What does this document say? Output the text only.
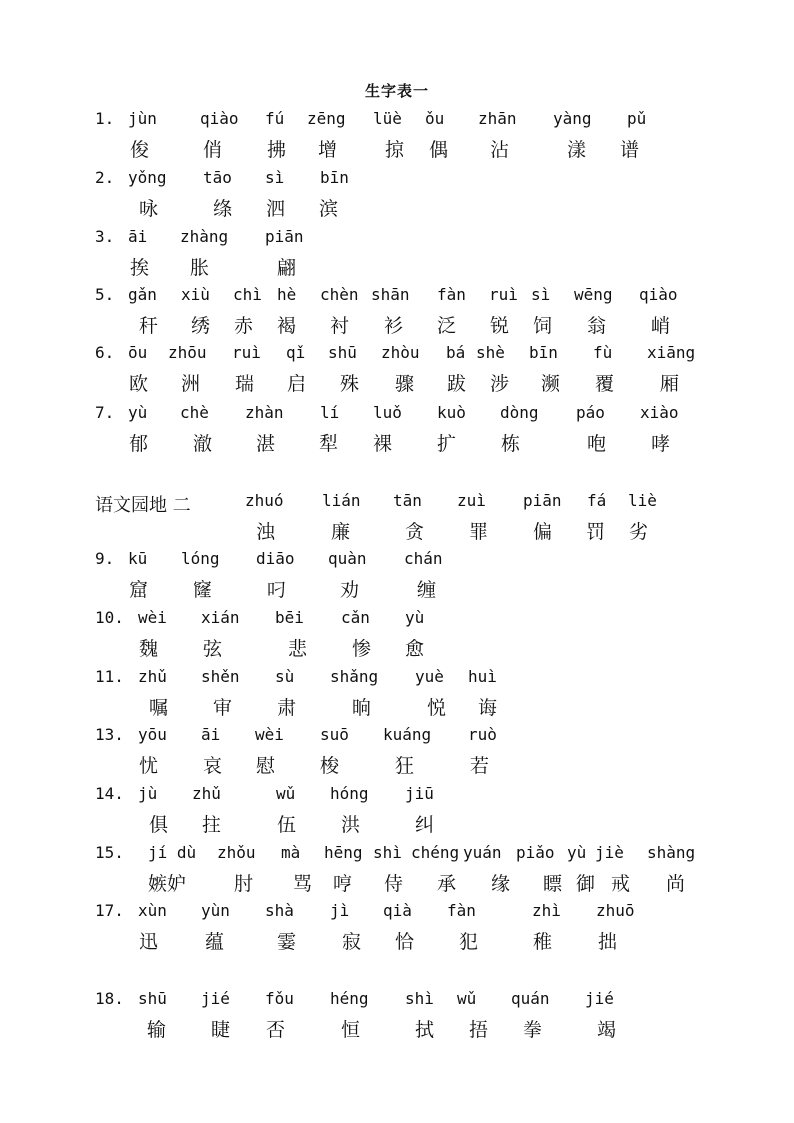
生字表一
1. jùn	qiào fú zēng lüè ǒu zhān yàng pǔ
俊	俏 拂 增	掠 偶 沾	漾 谱
2. yǒng tāo sì bīn
咏	绦 泗 滨
3. āi zhàng piān
挨 胀	翩
5. gǎn xiù chì hè chèn shān fàn ruì sì wēng qiào
秆 绣 赤 褐 衬 衫 泛 锐 饲 翁 峭
6. ōu zhōu ruì qǐ shū zhòu bá shè bīn fù xiāng
欧 洲 瑞 启 殊 骤 跋 涉 濒 覆 厢
7. yù chè zhàn lí luǒ kuò dòng páo xiào
郁 澈 湛 犁 裸 扩 栋	咆 哮
语文园地 二	zhuó lián tān zuì piān fá liè
浊	廉	贪 罪 偏 罚 劣
9. kū lóng diāo quàn chán
窟 窿	叼	劝	缠
10. wèi xián bēi cǎn yù
魏 弦	悲 惨 愈
11. zhǔ shěn sù shǎng yuè huì
嘱 审 肃	晌	悦 诲
13. yōu āi wèi suō kuáng ruò
忧 哀 慰 梭	狂	若
14. jù zhǔ	wǔ hóng jiū
俱 拄	伍 洪	纠
15. jí dù zhǒu mà hēng shì chéng yuán piǎo yù jiè shàng
嫉妒	肘 骂 哼 侍 承 缘 瞟 御 戒 尚
17. xùn yùn shà jì qià fàn	zhì zhuō
迅 蕴	霎 寂 恰 犯	稚 拙
18. shū jié fǒu héng shì wǔ quán jié
输 睫 否	恒	拭 捂 拳	竭
